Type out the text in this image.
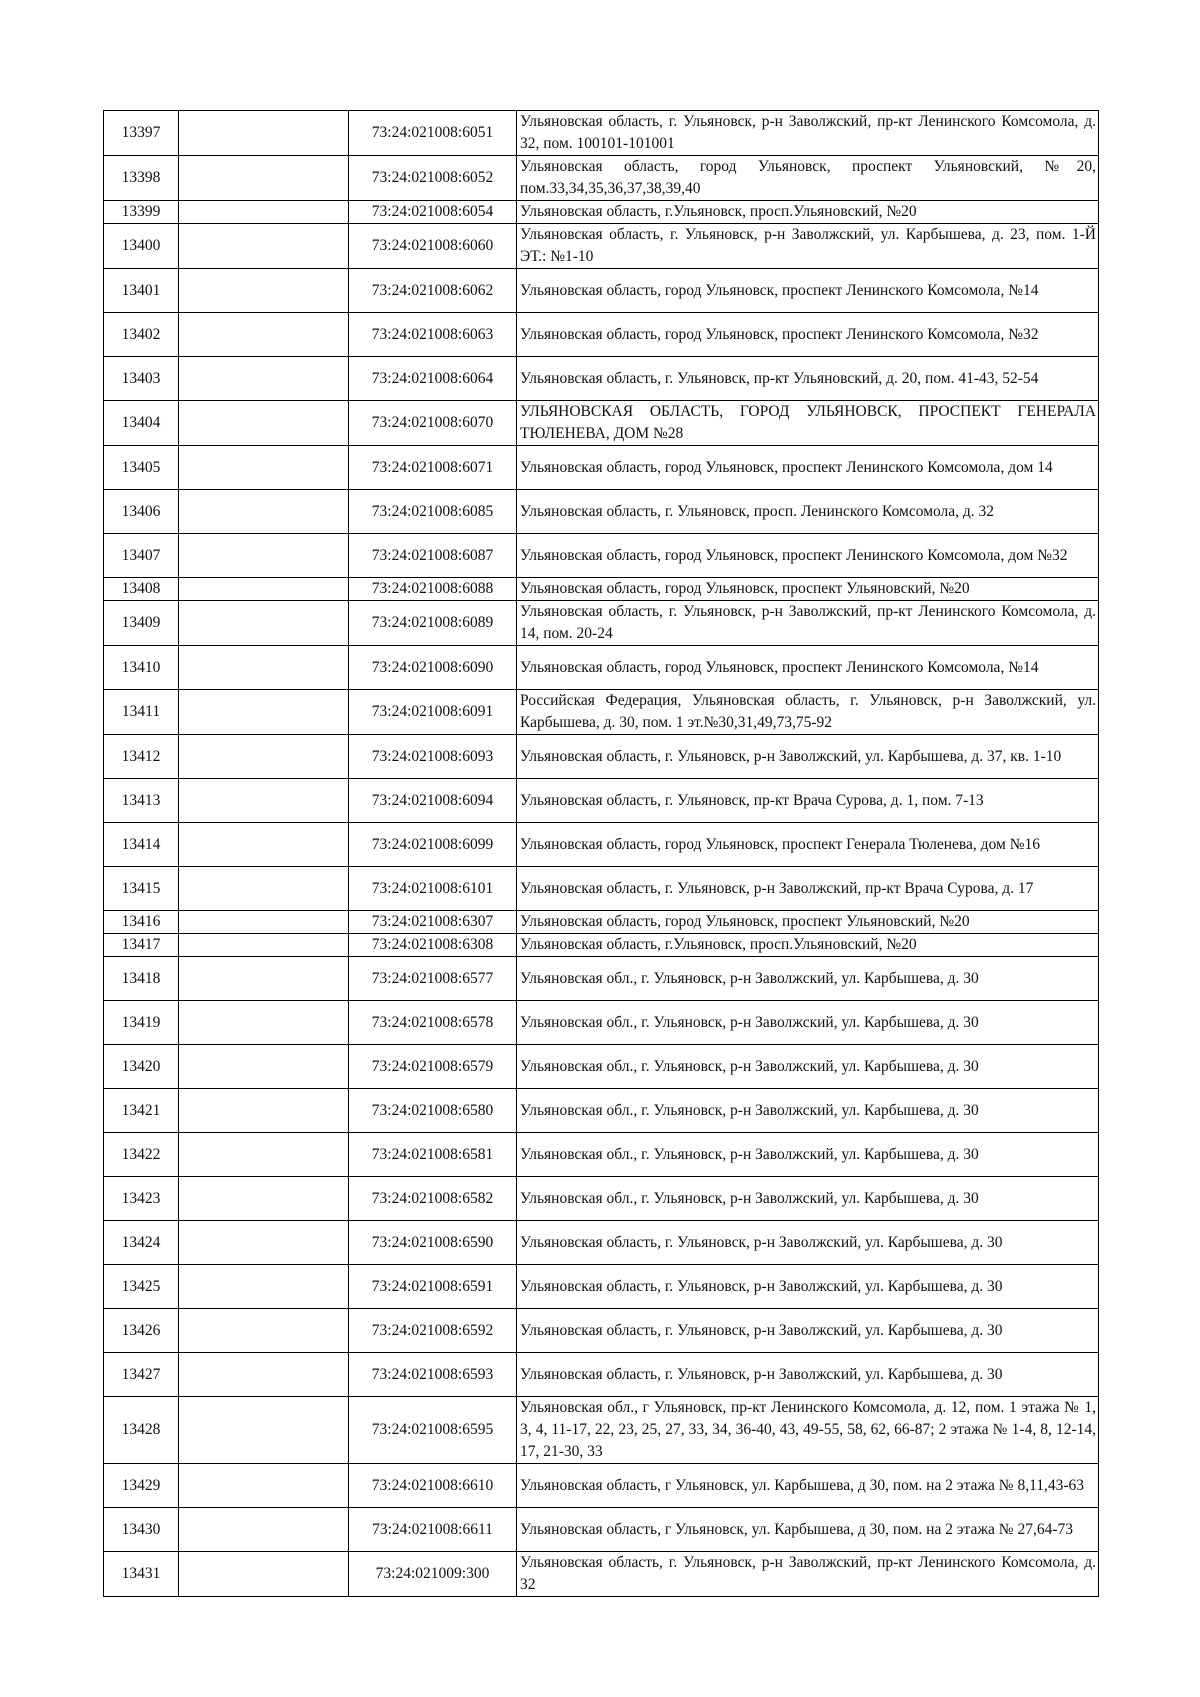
13397		73:24:021008:6051	Ульяновская область, г. Ульяновск, р-н Заволжский, пр-кт Ленинского Комсомола, д. 32, пом. 100101-101001
13398		73:24:021008:6052	Ульяновская область, город Ульяновск, проспект Ульяновский, №20, пом.33,34,35,36,37,38,39,40
13399		73:24:021008:6054	Ульяновская область, г.Ульяновск, просп.Ульяновский, №20
13400		73:24:021008:6060	Ульяновская область, г. Ульяновск, р-н Заволжский, ул. Карбышева, д. 23, пом. 1-Й ЭТ.: №1-10
13401		73:24:021008:6062	Ульяновская область, город Ульяновск, проспект Ленинского Комсомола, №14
13402		73:24:021008:6063	Ульяновская область, город Ульяновск, проспект Ленинского Комсомола, №32
13403		73:24:021008:6064	Ульяновская область, г. Ульяновск, пр-кт Ульяновский, д. 20, пом. 41-43, 52-54
13404		73:24:021008:6070	УЛЬЯНОВСКАЯ ОБЛАСТЬ, ГОРОД УЛЬЯНОВСК, ПРОСПЕКТ ГЕНЕРАЛА ТЮЛЕНЕВА, ДОМ №28
13405		73:24:021008:6071	Ульяновская область, город Ульяновск, проспект Ленинского Комсомола, дом 14
13406		73:24:021008:6085	Ульяновская область, г. Ульяновск, просп. Ленинского Комсомола, д. 32
13407		73:24:021008:6087	Ульяновская область, город Ульяновск, проспект Ленинского Комсомола, дом №32
13408		73:24:021008:6088	Ульяновская область, город Ульяновск, проспект Ульяновский, №20
13409		73:24:021008:6089	Ульяновская область, г. Ульяновск, р-н Заволжский, пр-кт Ленинского Комсомола, д. 14, пом. 20-24
13410		73:24:021008:6090	Ульяновская область, город Ульяновск, проспект Ленинского Комсомола, №14
13411		73:24:021008:6091	Российская Федерация, Ульяновская область, г. Ульяновск, р-н Заволжский, ул. Карбышева, д. 30, пом. 1 эт.№30,31,49,73,75-92
13412		73:24:021008:6093	Ульяновская область, г. Ульяновск, р-н Заволжский, ул. Карбышева, д. 37, кв. 1-10
13413		73:24:021008:6094	Ульяновская область, г. Ульяновск, пр-кт Врача Сурова, д. 1, пом. 7-13
13414		73:24:021008:6099	Ульяновская область, город Ульяновск, проспект Генерала Тюленева, дом №16
13415		73:24:021008:6101	Ульяновская область, г. Ульяновск, р-н Заволжский, пр-кт Врача Сурова, д. 17
13416		73:24:021008:6307	Ульяновская область, город Ульяновск, проспект Ульяновский, №20
13417		73:24:021008:6308	Ульяновская область, г.Ульяновск, просп.Ульяновский, №20
13418		73:24:021008:6577	Ульяновская обл., г. Ульяновск, р-н Заволжский, ул. Карбышева, д. 30
13419		73:24:021008:6578	Ульяновская обл., г. Ульяновск, р-н Заволжский, ул. Карбышева, д. 30
13420		73:24:021008:6579	Ульяновская обл., г. Ульяновск, р-н Заволжский, ул. Карбышева, д. 30
13421		73:24:021008:6580	Ульяновская обл., г. Ульяновск, р-н Заволжский, ул. Карбышева, д. 30
13422		73:24:021008:6581	Ульяновская обл., г. Ульяновск, р-н Заволжский, ул. Карбышева, д. 30
13423		73:24:021008:6582	Ульяновская обл., г. Ульяновск, р-н Заволжский, ул. Карбышева, д. 30
13424		73:24:021008:6590	Ульяновская область, г. Ульяновск, р-н Заволжский, ул. Карбышева, д. 30
13425		73:24:021008:6591	Ульяновская область, г. Ульяновск, р-н Заволжский, ул. Карбышева, д. 30
13426		73:24:021008:6592	Ульяновская область, г. Ульяновск, р-н Заволжский, ул. Карбышева, д. 30
13427		73:24:021008:6593	Ульяновская область, г. Ульяновск, р-н Заволжский, ул. Карбышева, д. 30
13428		73:24:021008:6595	Ульяновская обл., г Ульяновск, пр-кт Ленинского Комсомола, д. 12, пом. 1 этажа № 1, 3, 4, 11-17, 22, 23, 25, 27, 33, 34, 36-40, 43, 49-55, 58, 62, 66-87; 2 этажа № 1-4, 8, 12-14, 17, 21-30, 33
13429		73:24:021008:6610	Ульяновская область, г Ульяновск, ул. Карбышева, д 30, пом. на 2 этажа № 8,11,43-63
13430		73:24:021008:6611	Ульяновская область, г Ульяновск, ул. Карбышева, д 30, пом. на 2 этажа № 27,64-73
13431		73:24:021009:300	Ульяновская область, г. Ульяновск, р-н Заволжский, пр-кт Ленинского Комсомола, д. 32
